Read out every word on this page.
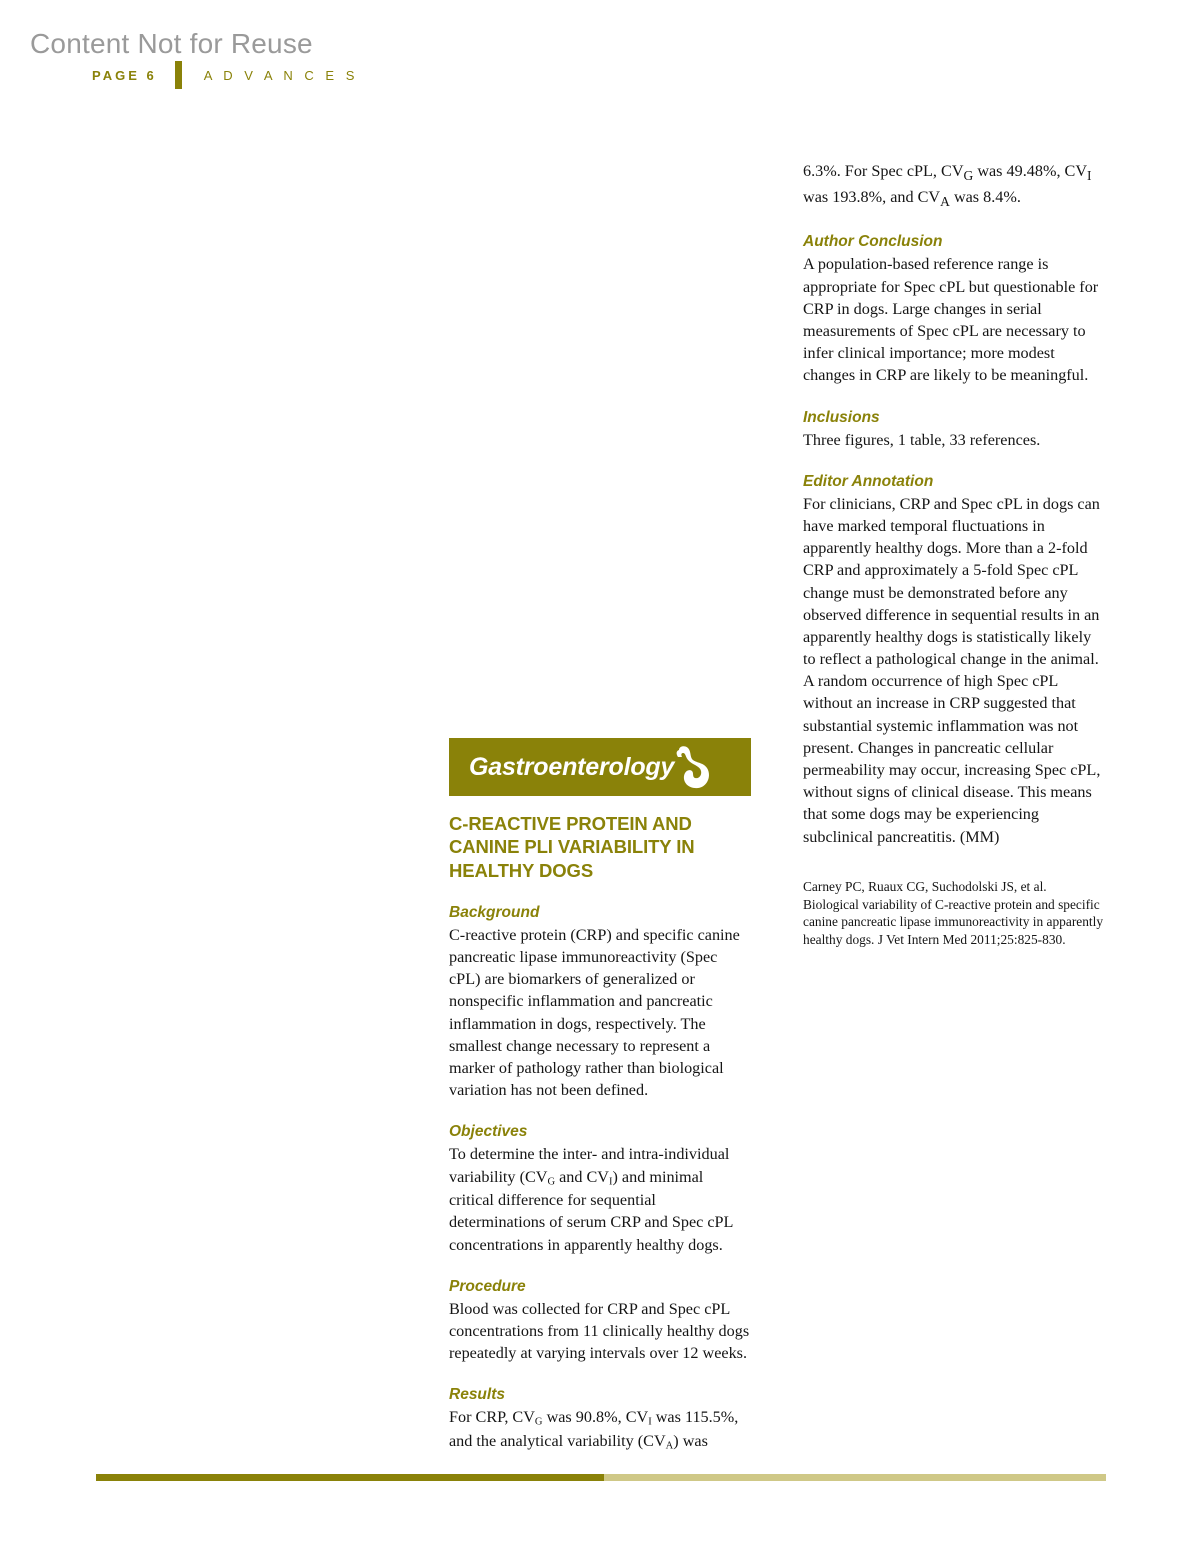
Content Not for Reuse
PAGE 6	A D V A N C E S
Gastroenterology
C-REACTIVE PROTEIN AND CANINE PLI VARIABILITY IN HEALTHY DOGS
Background
C-reactive protein (CRP) and specific canine pancreatic lipase immunoreactivity (Spec cPL) are biomarkers of generalized or nonspecific inflammation and pancreatic inflammation in dogs, respectively. The smallest change necessary to represent a marker of pathology rather than biological variation has not been defined.
Objectives
To determine the inter- and intra-individual variability ($CV_G$ and $CV_I$) and minimal critical difference for sequential determinations of serum CRP and Spec cPL concentrations in apparently healthy dogs.
Procedure
Blood was collected for CRP and Spec cPL concentrations from 11 clinically healthy dogs repeatedly at varying intervals over 12 weeks.
Results
For CRP, $CV_G$ was 90.8%, $CV_I$ was 115.5%, and the analytical variability $(CV_A)$ was
6.3%. For Spec cPL, $CV_G$ was 49.48%, $CV_I$ was 193.8%, and $CV_A$ was 8.4%.
Author Conclusion
A population-based reference range is appropriate for Spec cPL but questionable for CRP in dogs. Large changes in serial measurements of Spec cPL are necessary to infer clinical importance; more modest changes in CRP are likely to be meaningful.
Inclusions
Three figures, 1 table, 33 references.
Editor Annotation
For clinicians, CRP and Spec cPL in dogs can have marked temporal fluctuations in apparently healthy dogs. More than a 2-fold CRP and approximately a 5-fold Spec cPL change must be demonstrated before any observed difference in sequential results in an apparently healthy dogs is statistically likely to reflect a pathological change in the animal. A random occurrence of high Spec cPL without an increase in CRP suggested that substantial systemic inflammation was not present. Changes in pancreatic cellular permeability may occur, increasing Spec cPL, without signs of clinical disease. This means that some dogs may be experiencing subclinical pancreatitis. (MM)
Carney PC, Ruaux CG, Suchodolski JS, et al. Biological variability of C-reactive protein and specific canine pancreatic lipase immunoreactivity in apparently healthy dogs. J Vet Intern Med 2011;25:825-830.
